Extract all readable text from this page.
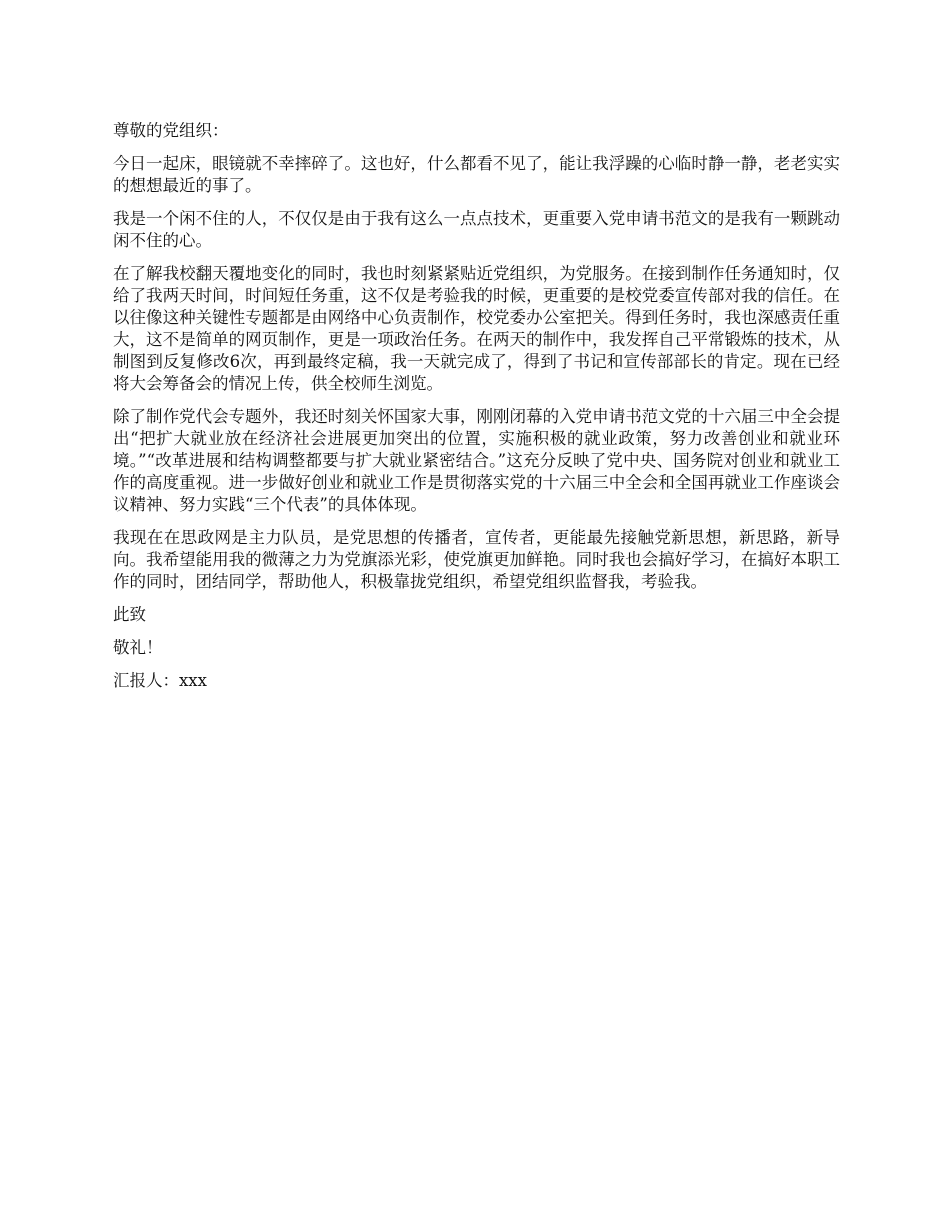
尊敬的党组织：

今日一起床，眼镜就不幸摔碎了。这也好，什么都看不见了，能让我浮躁的心临时静一静，老老实实的想想最近的事了。

我是一个闲不住的人，不仅仅是由于我有这么一点点技术，更重要入党申请书范文的是我有一颗跳动闲不住的心。

在了解我校翻天覆地变化的同时，我也时刻紧紧贴近党组织，为党服务。在接到制作任务通知时，仅给了我两天时间，时间短任务重，这不仅是考验我的时候，更重要的是校党委宣传部对我的信任。在以往像这种关键性专题都是由网络中心负责制作，校党委办公室把关。得到任务时，我也深感责任重大，这不是简单的网页制作，更是一项政治任务。在两天的制作中，我发挥自己平常锻炼的技术，从制图到反复修改6次，再到最终定稿，我一天就完成了，得到了书记和宣传部部长的肯定。现在已经将大会筹备会的情况上传，供全校师生浏览。

除了制作党代会专题外，我还时刻关怀国家大事，刚刚闭幕的入党申请书范文党的十六届三中全会提出“把扩大就业放在经济社会进展更加突出的位置，实施积极的就业政策，努力改善创业和就业环境。”“改革进展和结构调整都要与扩大就业紧密结合。”这充分反映了党中央、国务院对创业和就业工作的高度重视。进一步做好创业和就业工作是贯彻落实党的十六届三中全会和全国再就业工作座谈会议精神、努力实践“三个代表”的具体体现。

我现在在思政网是主力队员，是党思想的传播者，宣传者，更能最先接触党新思想，新思路，新导向。我希望能用我的微薄之力为党旗添光彩，使党旗更加鲜艳。同时我也会搞好学习，在搞好本职工作的同时，团结同学，帮助他人，积极靠拢党组织，希望党组织监督我，考验我。

此致

敬礼！

汇报人：xxx
